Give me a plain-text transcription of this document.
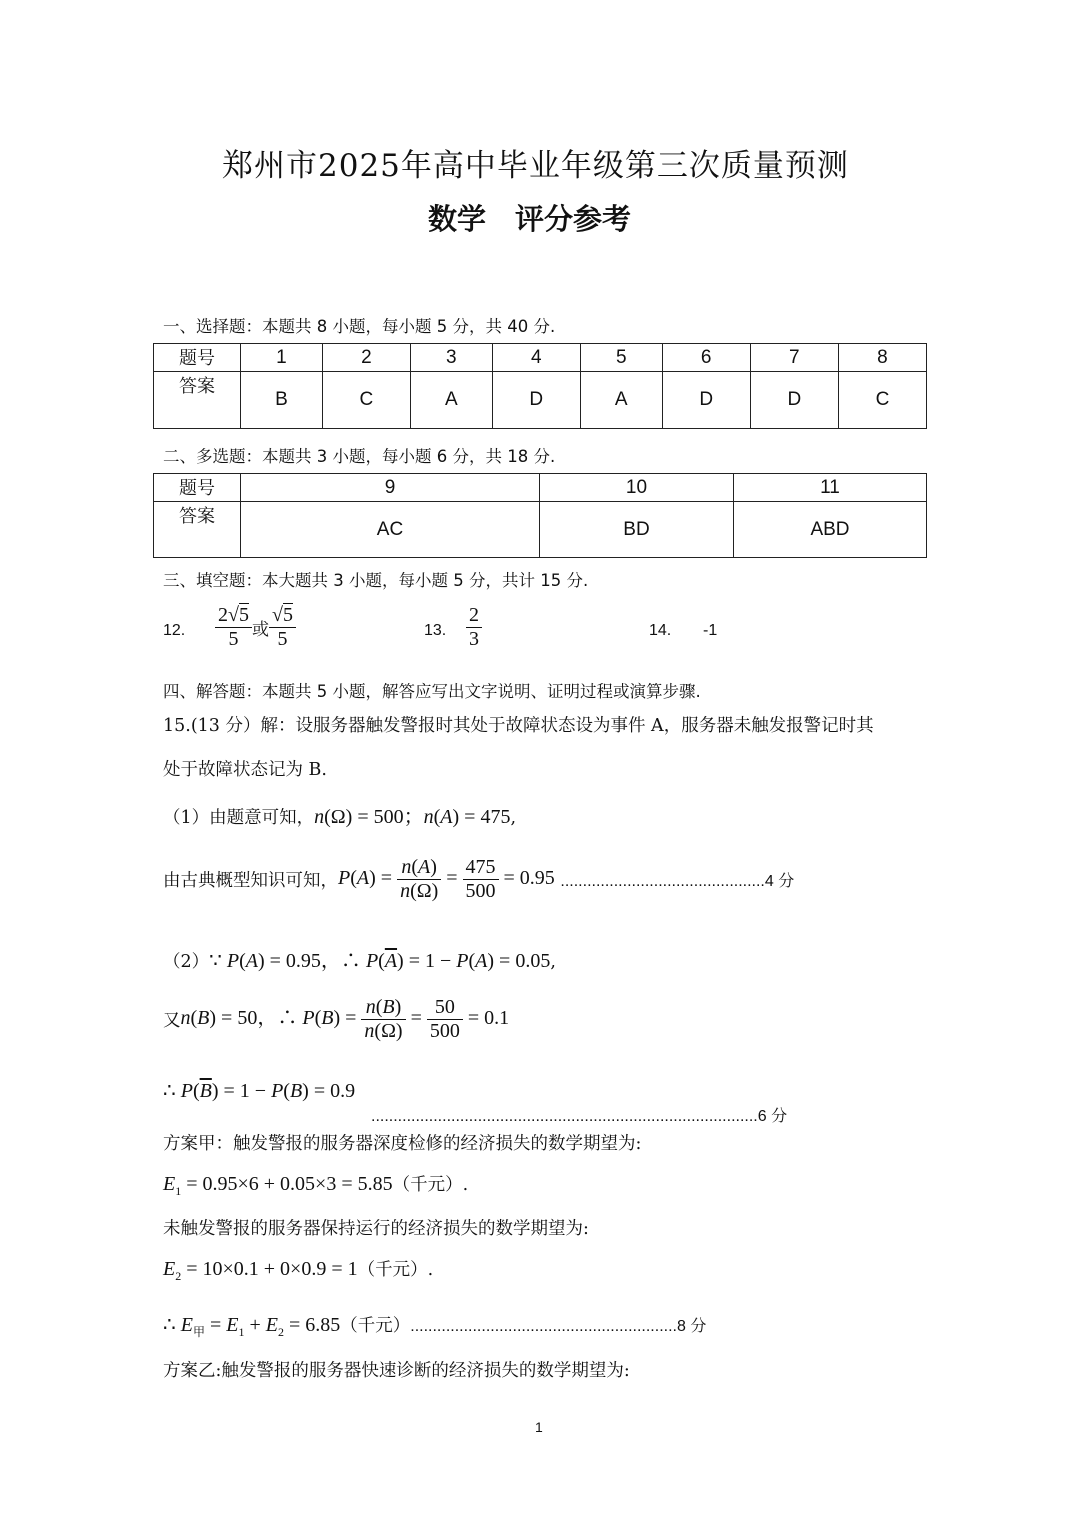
郑州市2025年高中毕业年级第三次质量预测
数学　评分参考
一、选择题：本题共 8 小题，每小题 5 分，共 40 分.
题号	1	2	3	4	5	6	7	8
答案	B	C	A	D	A	D	D	C
二、多选题：本题共 3 小题，每小题 6 分，共 18 分.
题号	9	10	11
答案	AC	BD	ABD
三、填空题：本大题共 3 小题，每小题 5 分，共计 15 分.
12. $\frac{2√5}{5}$ 或 $\frac{√5}{5}$	13. $\frac{2}{3}$	14. -1
四、解答题：本题共 5 小题，解答应写出文字说明、证明过程或演算步骤.
15.(13 分）解：设服务器触发警报时其处于故障状态设为事件 A，服务器未触发报警记时其
处于故障状态记为 B.
（1）由题意可知，n(Ω) = 500；n(A) = 475,
由古典概型知识可知，$P(A) = \frac{n(A)}{n(\Omega)} = \frac{475}{500} = 0.95$ ..............................................4 分
（2）∵ P(A) = 0.95，∴ $P(\overline{A}) = 1 - P(A) = 0.05$,
又n(B) = 50，∴ $P(B) = \frac{n(B)}{n(\Omega)} = \frac{50}{500} = 0.1$
∴ $P(\overline{B}) = 1 - P(B) = 0.9$
.......................................................................................6 分
方案甲：触发警报的服务器深度检修的经济损失的数学期望为:
$E_1 = 0.95\times 6 + 0.05\times 3 = 5.85$（千元）.
未触发警报的服务器保持运行的经济损失的数学期望为:
$E_2 = 10\times 0.1 + 0\times 0.9 = 1$（千元）.
∴ $E_甲 = E_1 + E_2 = 6.85$（千元）............................................................8 分
方案乙:触发警报的服务器快速诊断的经济损失的数学期望为:
1
